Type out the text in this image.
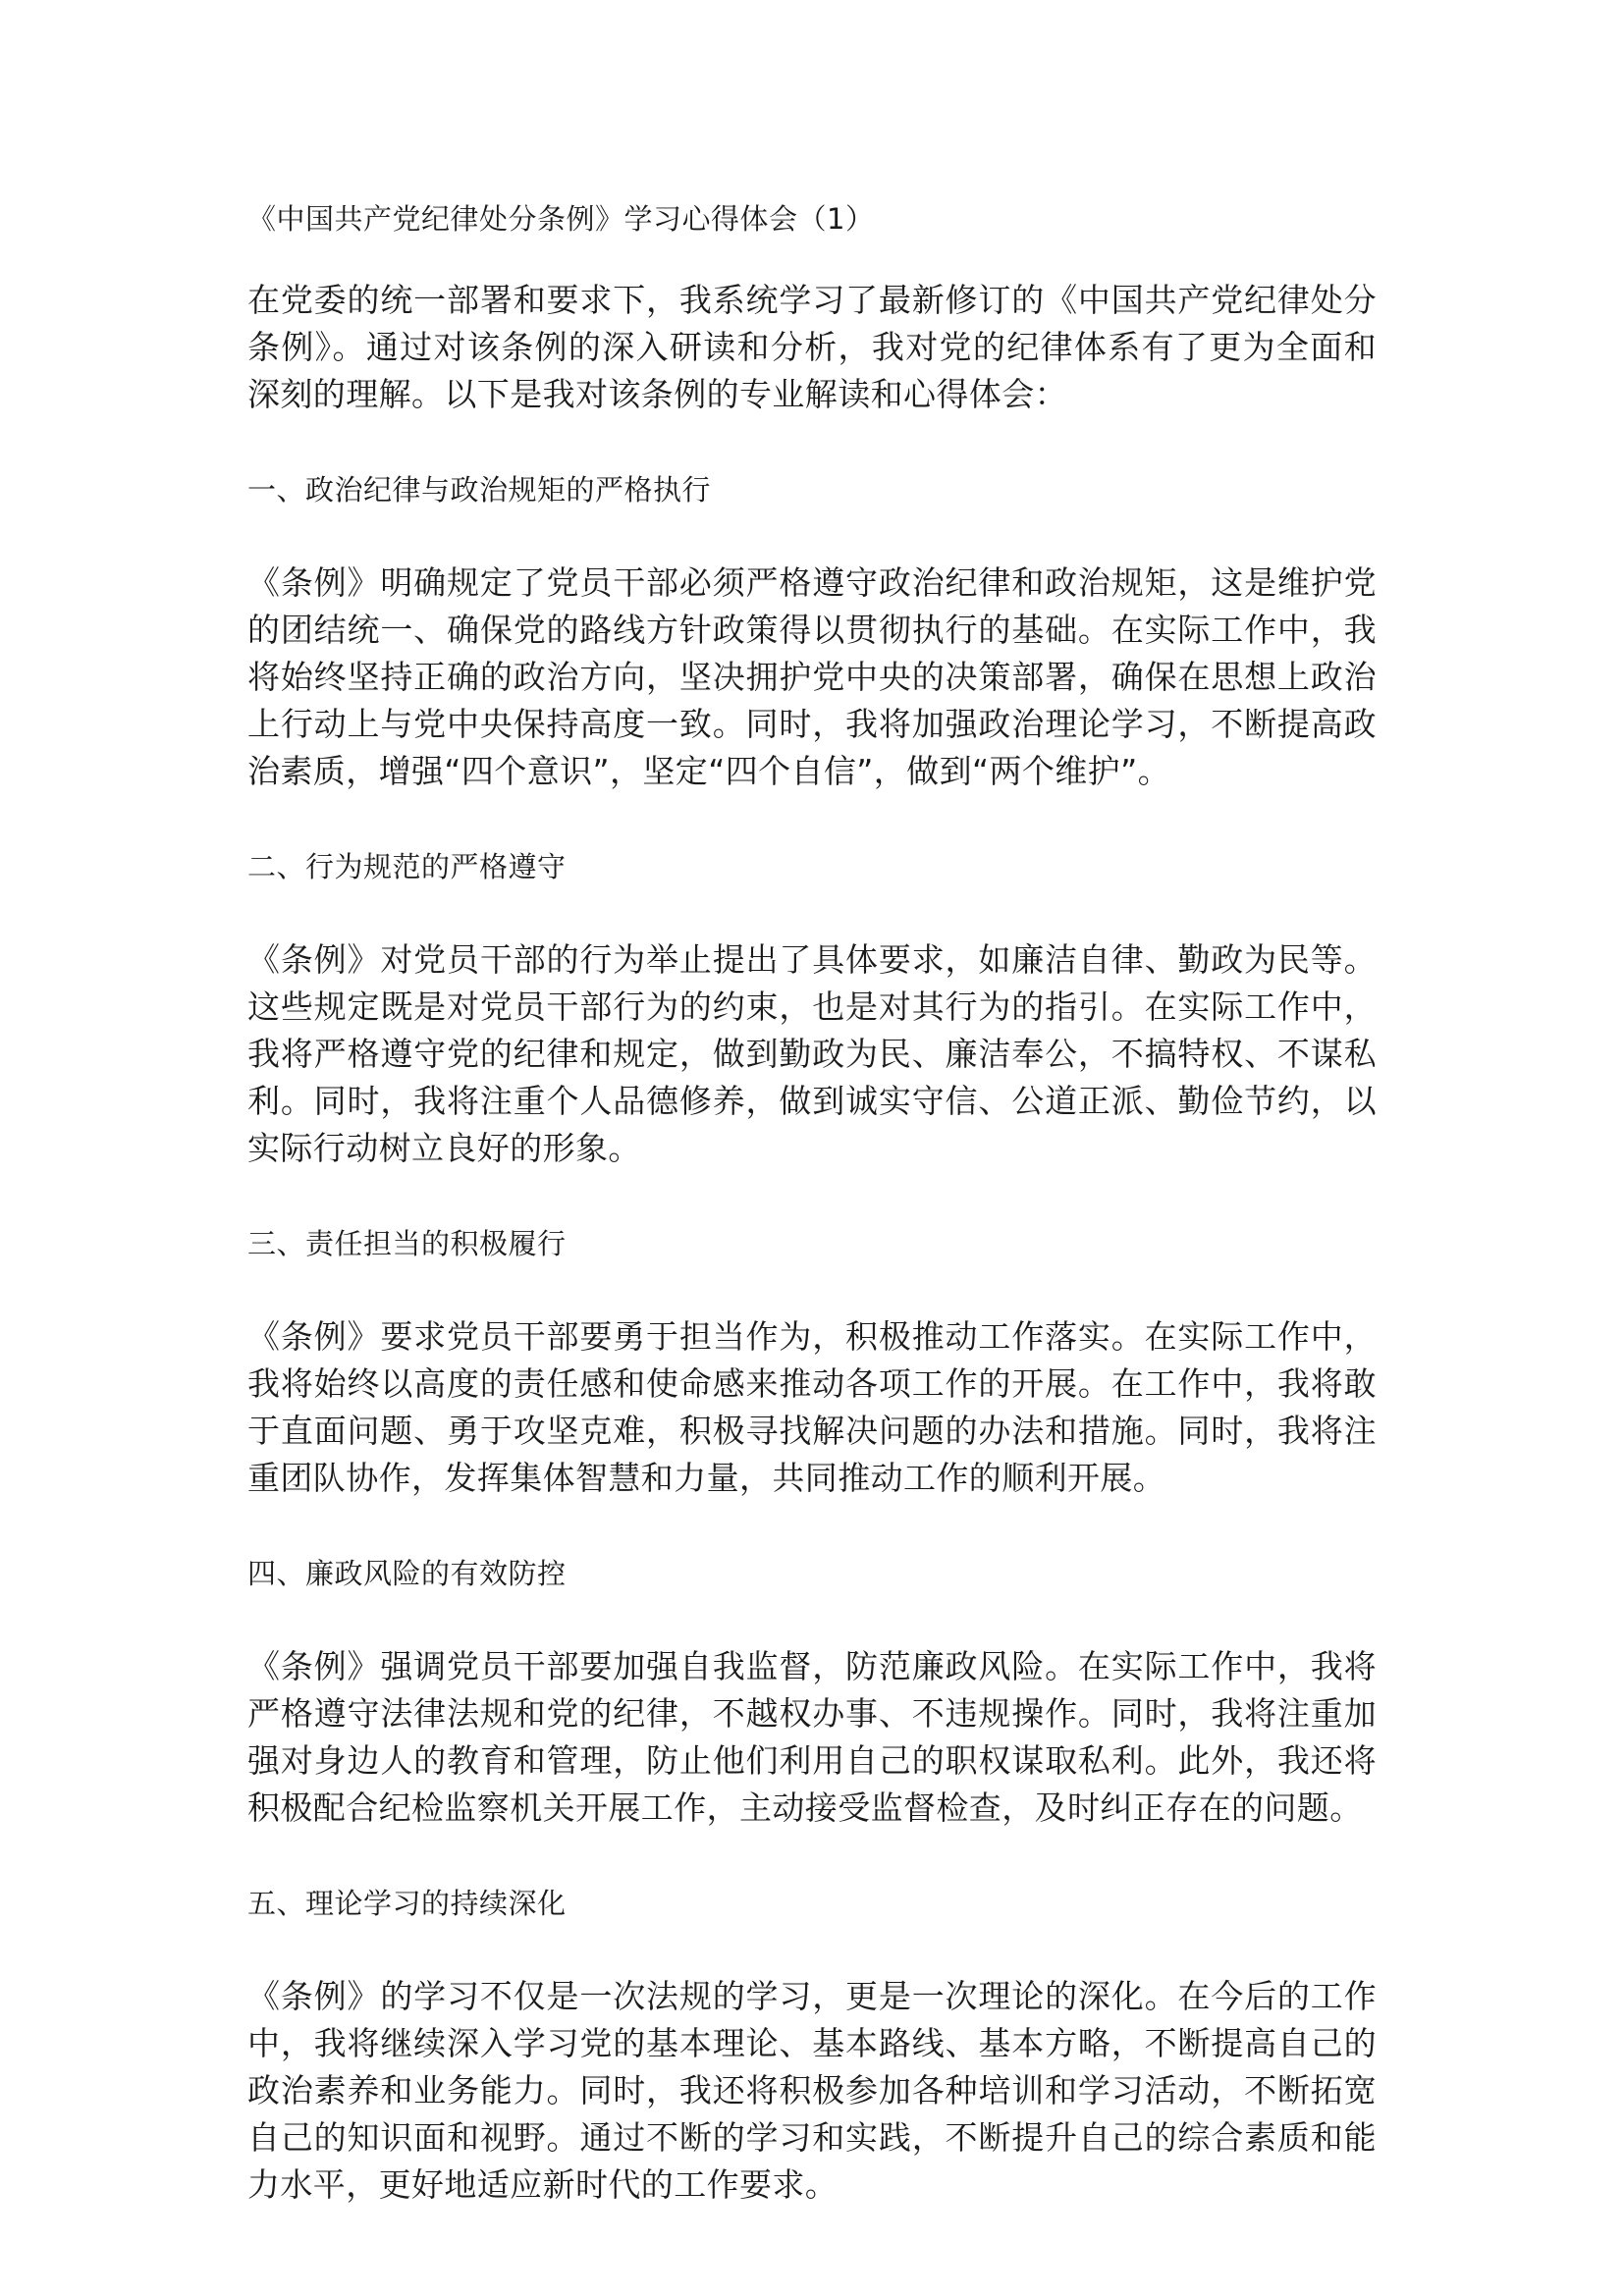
《中国共产党纪律处分条例》学习心得体会（1）

在党委的统一部署和要求下，我系统学习了最新修订的《中国共产党纪律处分条例》。通过对该条例的深入研读和分析，我对党的纪律体系有了更为全面和深刻的理解。以下是我对该条例的专业解读和心得体会：

一、政治纪律与政治规矩的严格执行

《条例》明确规定了党员干部必须严格遵守政治纪律和政治规矩，这是维护党的团结统一、确保党的路线方针政策得以贯彻执行的基础。在实际工作中，我将始终坚持正确的政治方向，坚决拥护党中央的决策部署，确保在思想上政治上行动上与党中央保持高度一致。同时，我将加强政治理论学习，不断提高政治素质，增强“四个意识”，坚定“四个自信”，做到“两个维护”。

二、行为规范的严格遵守

《条例》对党员干部的行为举止提出了具体要求，如廉洁自律、勤政为民等。这些规定既是对党员干部行为的约束，也是对其行为的指引。在实际工作中，我将严格遵守党的纪律和规定，做到勤政为民、廉洁奉公，不搞特权、不谋私利。同时，我将注重个人品德修养，做到诚实守信、公道正派、勤俭节约，以实际行动树立良好的形象。

三、责任担当的积极履行

《条例》要求党员干部要勇于担当作为，积极推动工作落实。在实际工作中，我将始终以高度的责任感和使命感来推动各项工作的开展。在工作中，我将敢于直面问题、勇于攻坚克难，积极寻找解决问题的办法和措施。同时，我将注重团队协作，发挥集体智慧和力量，共同推动工作的顺利开展。

四、廉政风险的有效防控

《条例》强调党员干部要加强自我监督，防范廉政风险。在实际工作中，我将严格遵守法律法规和党的纪律，不越权办事、不违规操作。同时，我将注重加强对身边人的教育和管理，防止他们利用自己的职权谋取私利。此外，我还将积极配合纪检监察机关开展工作，主动接受监督检查，及时纠正存在的问题。

五、理论学习的持续深化

《条例》的学习不仅是一次法规的学习，更是一次理论的深化。在今后的工作中，我将继续深入学习党的基本理论、基本路线、基本方略，不断提高自己的政治素养和业务能力。同时，我还将积极参加各种培训和学习活动，不断拓宽自己的知识面和视野。通过不断的学习和实践，不断提升自己的综合素质和能力水平，更好地适应新时代的工作要求。
